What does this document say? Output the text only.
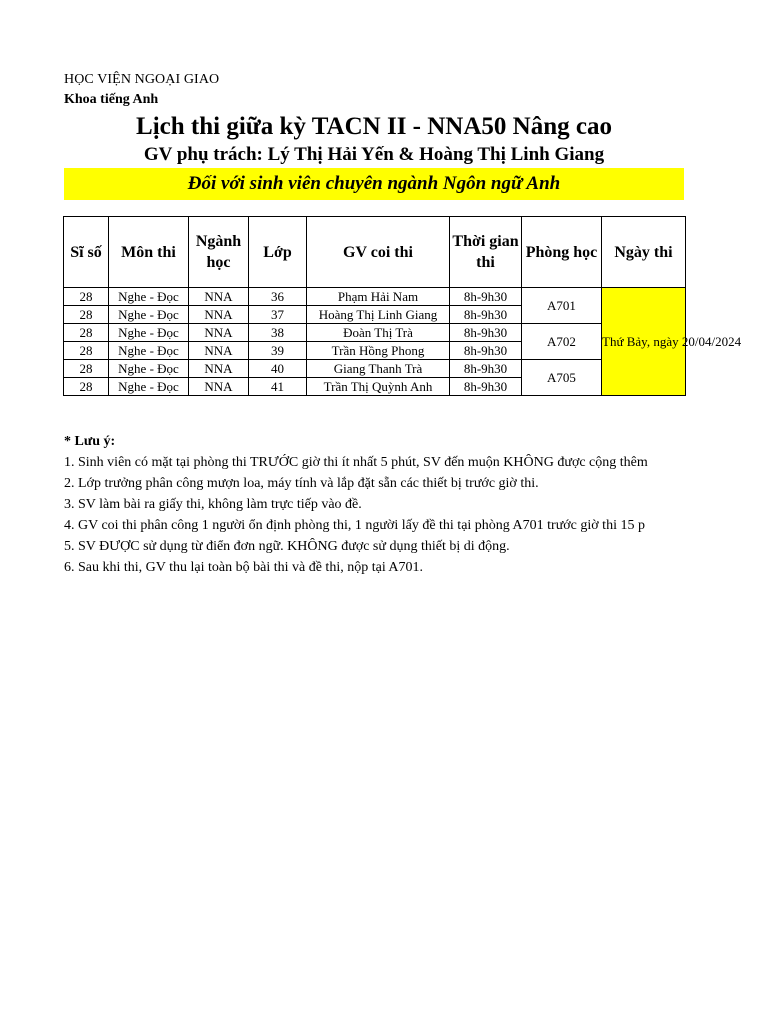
HỌC VIỆN NGOẠI GIAO
Khoa tiếng Anh
Lịch thi giữa kỳ TACN II - NNA50 Nâng cao
GV phụ trách: Lý Thị Hải Yến & Hoàng Thị Linh Giang
Đối với sinh viên chuyên ngành Ngôn ngữ Anh
Sĩ số	Môn thi	Ngành học	Lớp	GV coi thi	Thời gian thi	Phòng học	Ngày thi
28	Nghe - Đọc	NNA	36	Phạm Hải Nam	8h-9h30	A701	Thứ Bảy, ngày 20/04/2024
28	Nghe - Đọc	NNA	37	Hoàng Thị Linh Giang	8h-9h30		
28	Nghe - Đọc	NNA	38	Đoàn Thị Trà	8h-9h30	A702	
28	Nghe - Đọc	NNA	39	Trần Hồng Phong	8h-9h30		
28	Nghe - Đọc	NNA	40	Giang Thanh Trà	8h-9h30	A705	
28	Nghe - Đọc	NNA	41	Trần Thị Quỳnh Anh	8h-9h30		
* Lưu ý:
1. Sinh viên có mặt tại phòng thi TRƯỚC giờ thi ít nhất 5 phút, SV đến muộn KHÔNG được cộng thêm
2. Lớp trưởng phân công mượn loa, máy tính và lắp đặt sẵn các thiết bị trước giờ thi.
3. SV làm bài ra giấy thi, không làm trực tiếp vào đề.
4. GV coi thi phân công 1 người ổn định phòng thi, 1 người lấy đề thi tại phòng A701 trước giờ thi 15 p
5. SV ĐƯỢC sử dụng từ điển đơn ngữ. KHÔNG được sử dụng thiết bị di động.
6. Sau khi thi, GV thu lại toàn bộ bài thi và đề thi, nộp tại A701.
